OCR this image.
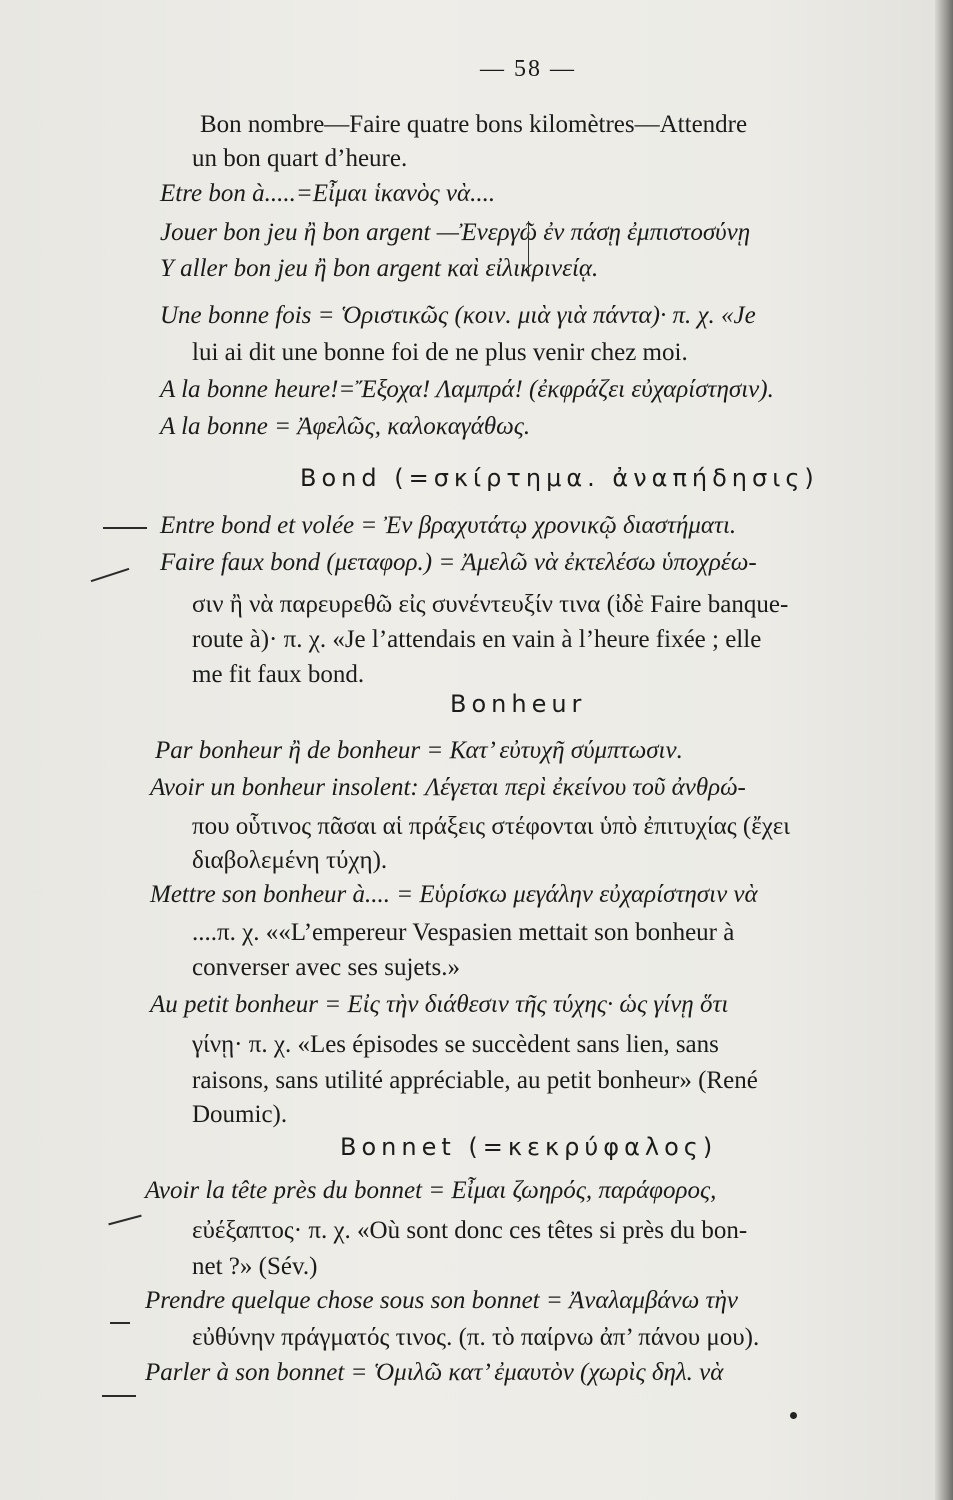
— 58 —
Bon nombre—Faire quatre bons kilomètres—Attendre
un bon quart d’heure.
Etre bon à.....=Εἶμαι ἱκανὸς νὰ....
Jouer bon jeu ἢ bon argent —Ἐνεργῶ ἐν πάσῃ ἐμπιστοσύνῃ
Y aller bon jeu ἢ bon argent καὶ εἰλικρινείᾳ.
Une bonne fois = Ὁριστικῶς (κοιν. μιὰ γιὰ πάντα)· π. χ. «Je
lui ai dit une bonne foi de ne plus venir chez moi.
A la bonne heure!=Ἔξοχα! Λαμπρά! (ἐκφράζει εὐχαρίστησιν).
A la bonne = Ἀφελῶς, καλοκαγάθως.
Bond (=σκίρτημα. ἀναπήδησις)
Entre bond et volée = Ἐν βραχυτάτῳ χρονικῷ διαστήματι.
Faire faux bond (μεταφορ.) = Ἀμελῶ νὰ ἐκτελέσω ὑποχρέω-
σιν ἢ νὰ παρευρεθῶ εἰς συνέντευξίν τινα (ἰδὲ Faire banque-
route à)· π. χ. «Je l’attendais en vain à l’heure fixée ; elle
me fit faux bond.
Bonheur
Par bonheur ἢ de bonheur = Κατ’ εὐτυχῆ σύμπτωσιν.
Avoir un bonheur insolent: Λέγεται περὶ ἐκείνου τοῦ ἀνθρώ-
που οὗτινος πᾶσαι αἱ πράξεις στέφονται ὑπὸ ἐπιτυχίας (ἔχει
διαβολεμένη τύχη).
Mettre son bonheur à.... = Εὑρίσκω μεγάλην εὐχαρίστησιν νὰ
....π. χ. ««L’empereur Vespasien mettait son bonheur à
converser avec ses sujets.»
Au petit bonheur = Εἰς τὴν διάθεσιν τῆς τύχης· ὡς γίνῃ ὅτι
γίνῃ· π. χ. «Les épisodes se succèdent sans lien, sans
raisons, sans utilité appréciable, au petit bonheur» (René
Doumic).
Bonnet (=κεκρύφαλος)
Avoir la tête près du bonnet = Εἶμαι ζωηρός, παράφορος,
εὐέξαπτος· π. χ. «Où sont donc ces têtes si près du bon-
net ?» (Sév.)
Prendre quelque chose sous son bonnet = Ἀναλαμβάνω τὴν
εὐθύνην πράγματός τινος. (π. τὸ παίρνω ἀπ’ πάνου μου).
Parler à son bonnet = Ὁμιλῶ κατ’ ἐμαυτὸν (χωρὶς δηλ. νὰ
